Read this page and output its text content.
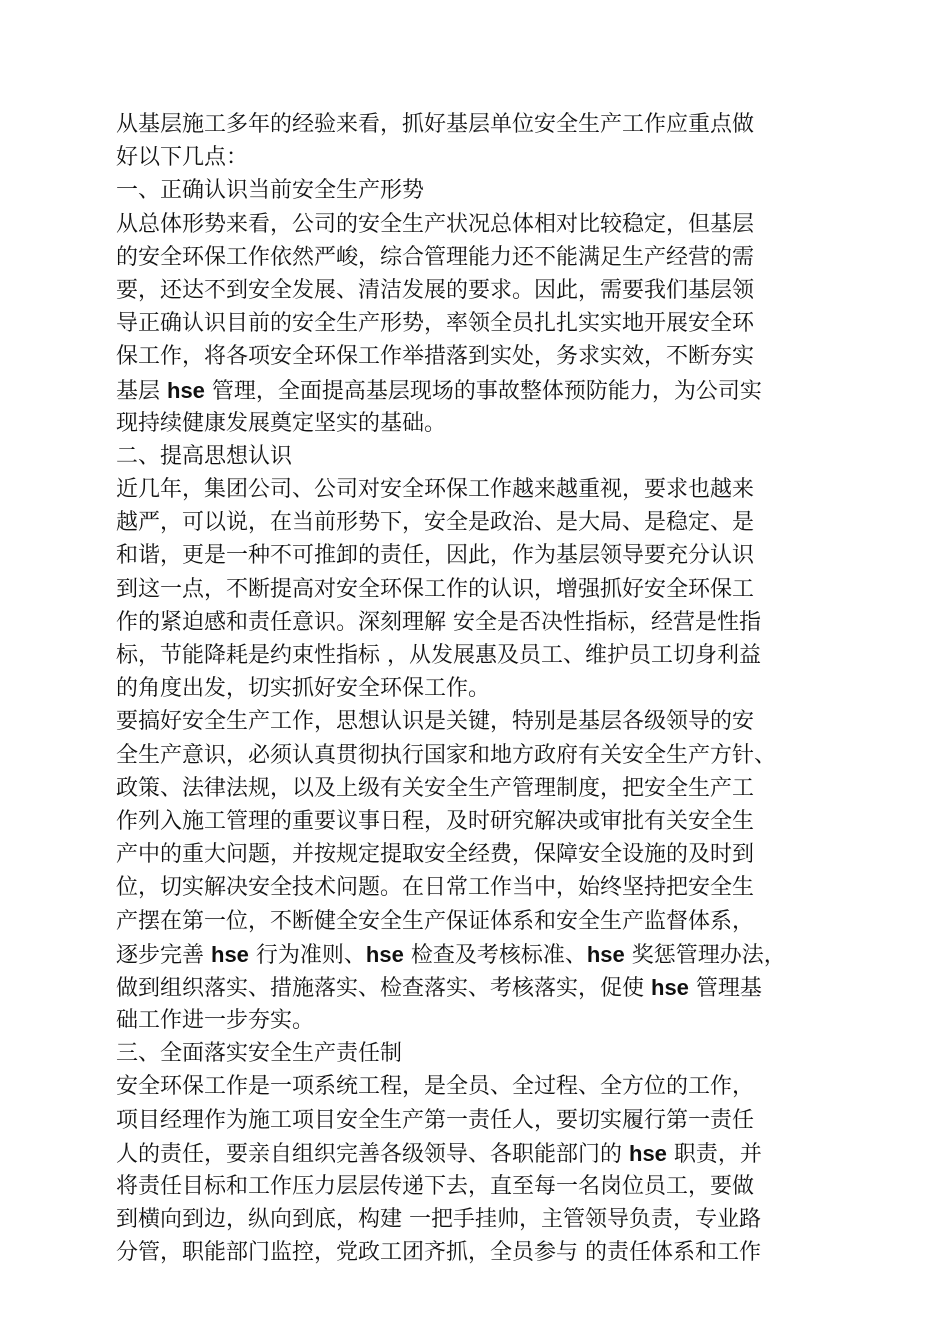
从基层施工多年的经验来看，抓好基层单位安全生产工作应重点做
好以下几点：
一、正确认识当前安全生产形势
从总体形势来看，公司的安全生产状况总体相对比较稳定，但基层
的安全环保工作依然严峻，综合管理能力还不能满足生产经营的需
要，还达不到安全发展、清洁发展的要求。因此，需要我们基层领
导正确认识目前的安全生产形势，率领全员扎扎实实地开展安全环
保工作，将各项安全环保工作举措落到实处，务求实效，不断夯实
基层 hse 管理，全面提高基层现场的事故整体预防能力，为公司实
现持续健康发展奠定坚实的基础。
二、提高思想认识
近几年，集团公司、公司对安全环保工作越来越重视，要求也越来
越严，可以说，在当前形势下，安全是政治、是大局、是稳定、是
和谐，更是一种不可推卸的责任，因此，作为基层领导要充分认识
到这一点，不断提高对安全环保工作的认识，增强抓好安全环保工
作的紧迫感和责任意识。深刻理解 安全是否决性指标，经营是性指
标，节能降耗是约束性指标 ，从发展惠及员工、维护员工切身利益
的角度出发，切实抓好安全环保工作。
要搞好安全生产工作，思想认识是关键，特别是基层各级领导的安
全生产意识，必须认真贯彻执行国家和地方政府有关安全生产方针、
政策、法律法规，以及上级有关安全生产管理制度，把安全生产工
作列入施工管理的重要议事日程，及时研究解决或审批有关安全生
产中的重大问题，并按规定提取安全经费，保障安全设施的及时到
位，切实解决安全技术问题。在日常工作当中，始终坚持把安全生
产摆在第一位，不断健全安全生产保证体系和安全生产监督体系，
逐步完善 hse 行为准则、hse 检查及考核标准、hse 奖惩管理办法，
做到组织落实、措施落实、检查落实、考核落实，促使 hse 管理基
础工作进一步夯实。
三、全面落实安全生产责任制
安全环保工作是一项系统工程，是全员、全过程、全方位的工作，
项目经理作为施工项目安全生产第一责任人，要切实履行第一责任
人的责任，要亲自组织完善各级领导、各职能部门的 hse 职责，并
将责任目标和工作压力层层传递下去，直至每一名岗位员工，要做
到横向到边，纵向到底，构建 一把手挂帅，主管领导负责，专业路
分管，职能部门监控，党政工团齐抓，全员参与 的责任体系和工作
